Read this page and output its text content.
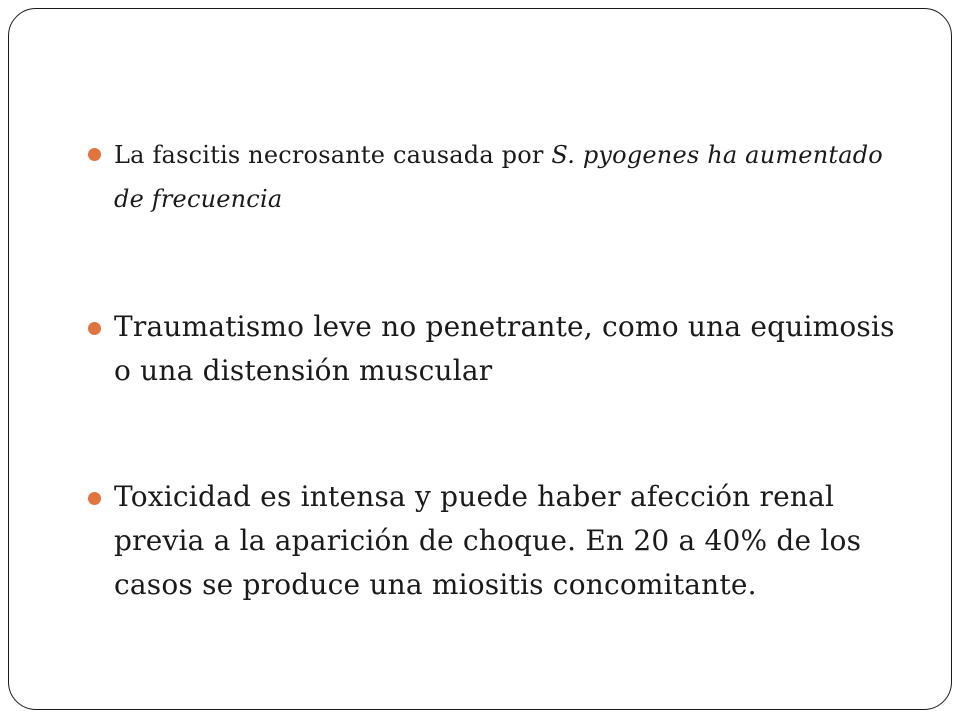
La fascitis necrosante causada por S. pyogenes ha aumentado de frecuencia
Traumatismo leve no penetrante, como una equimosis o una distensión muscular
Toxicidad es intensa y puede haber afección renal previa a la aparición de choque. En 20 a 40% de los casos se produce una miositis concomitante.
